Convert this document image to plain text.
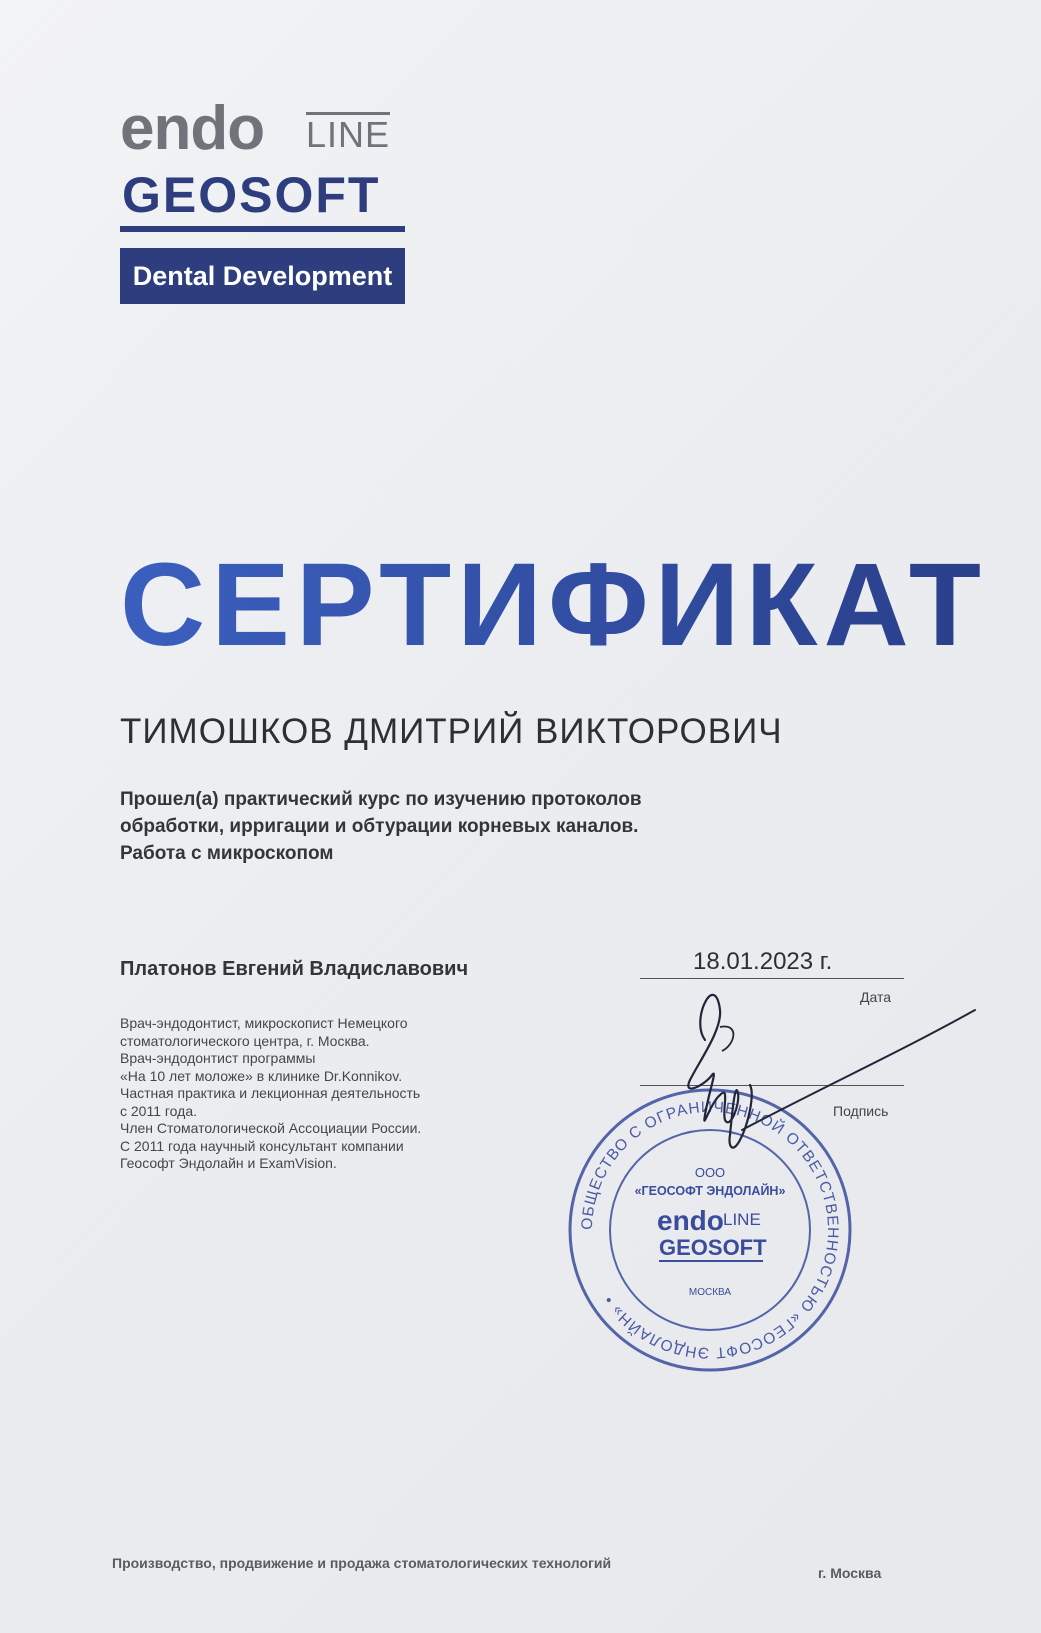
endo LINE
GEOSOFT
Dental Development
СЕРТИФИКАТ
ТИМОШКОВ ДМИТРИЙ ВИКТОРОВИЧ
Прошел(а) практический курс по изучению протоколов
обработки, ирригации и обтурации корневых каналов.
Работа с микроскопом
Платонов Евгений Владиславович
Врач-эндодонтист, микроскопист Немецкого
стоматологического центра, г. Москва.
Врач-эндодонтист программы
«На 10 лет моложе» в клинике Dr.Konnikov.
Частная практика и лекционная деятельность
с 2011 года.
Член Стоматологической Ассоциации России.
С 2011 года научный консультант компании
Геософт Эндолайн и ExamVision.
18.01.2023 г.
Дата
Подпись
ОБЩЕСТВО С ОГРАНИЧЕННОЙ ОТВЕТСТВЕННОСТЬЮ «ГЕОСОФТ ЭНДОЛАЙН» •
ООО
«ГЕОСОФТ ЭНДОЛАЙН»
endo LINE
GEOSOFT
МОСКВА
Производство, продвижение и продажа стоматологических технологий
г. Москва
